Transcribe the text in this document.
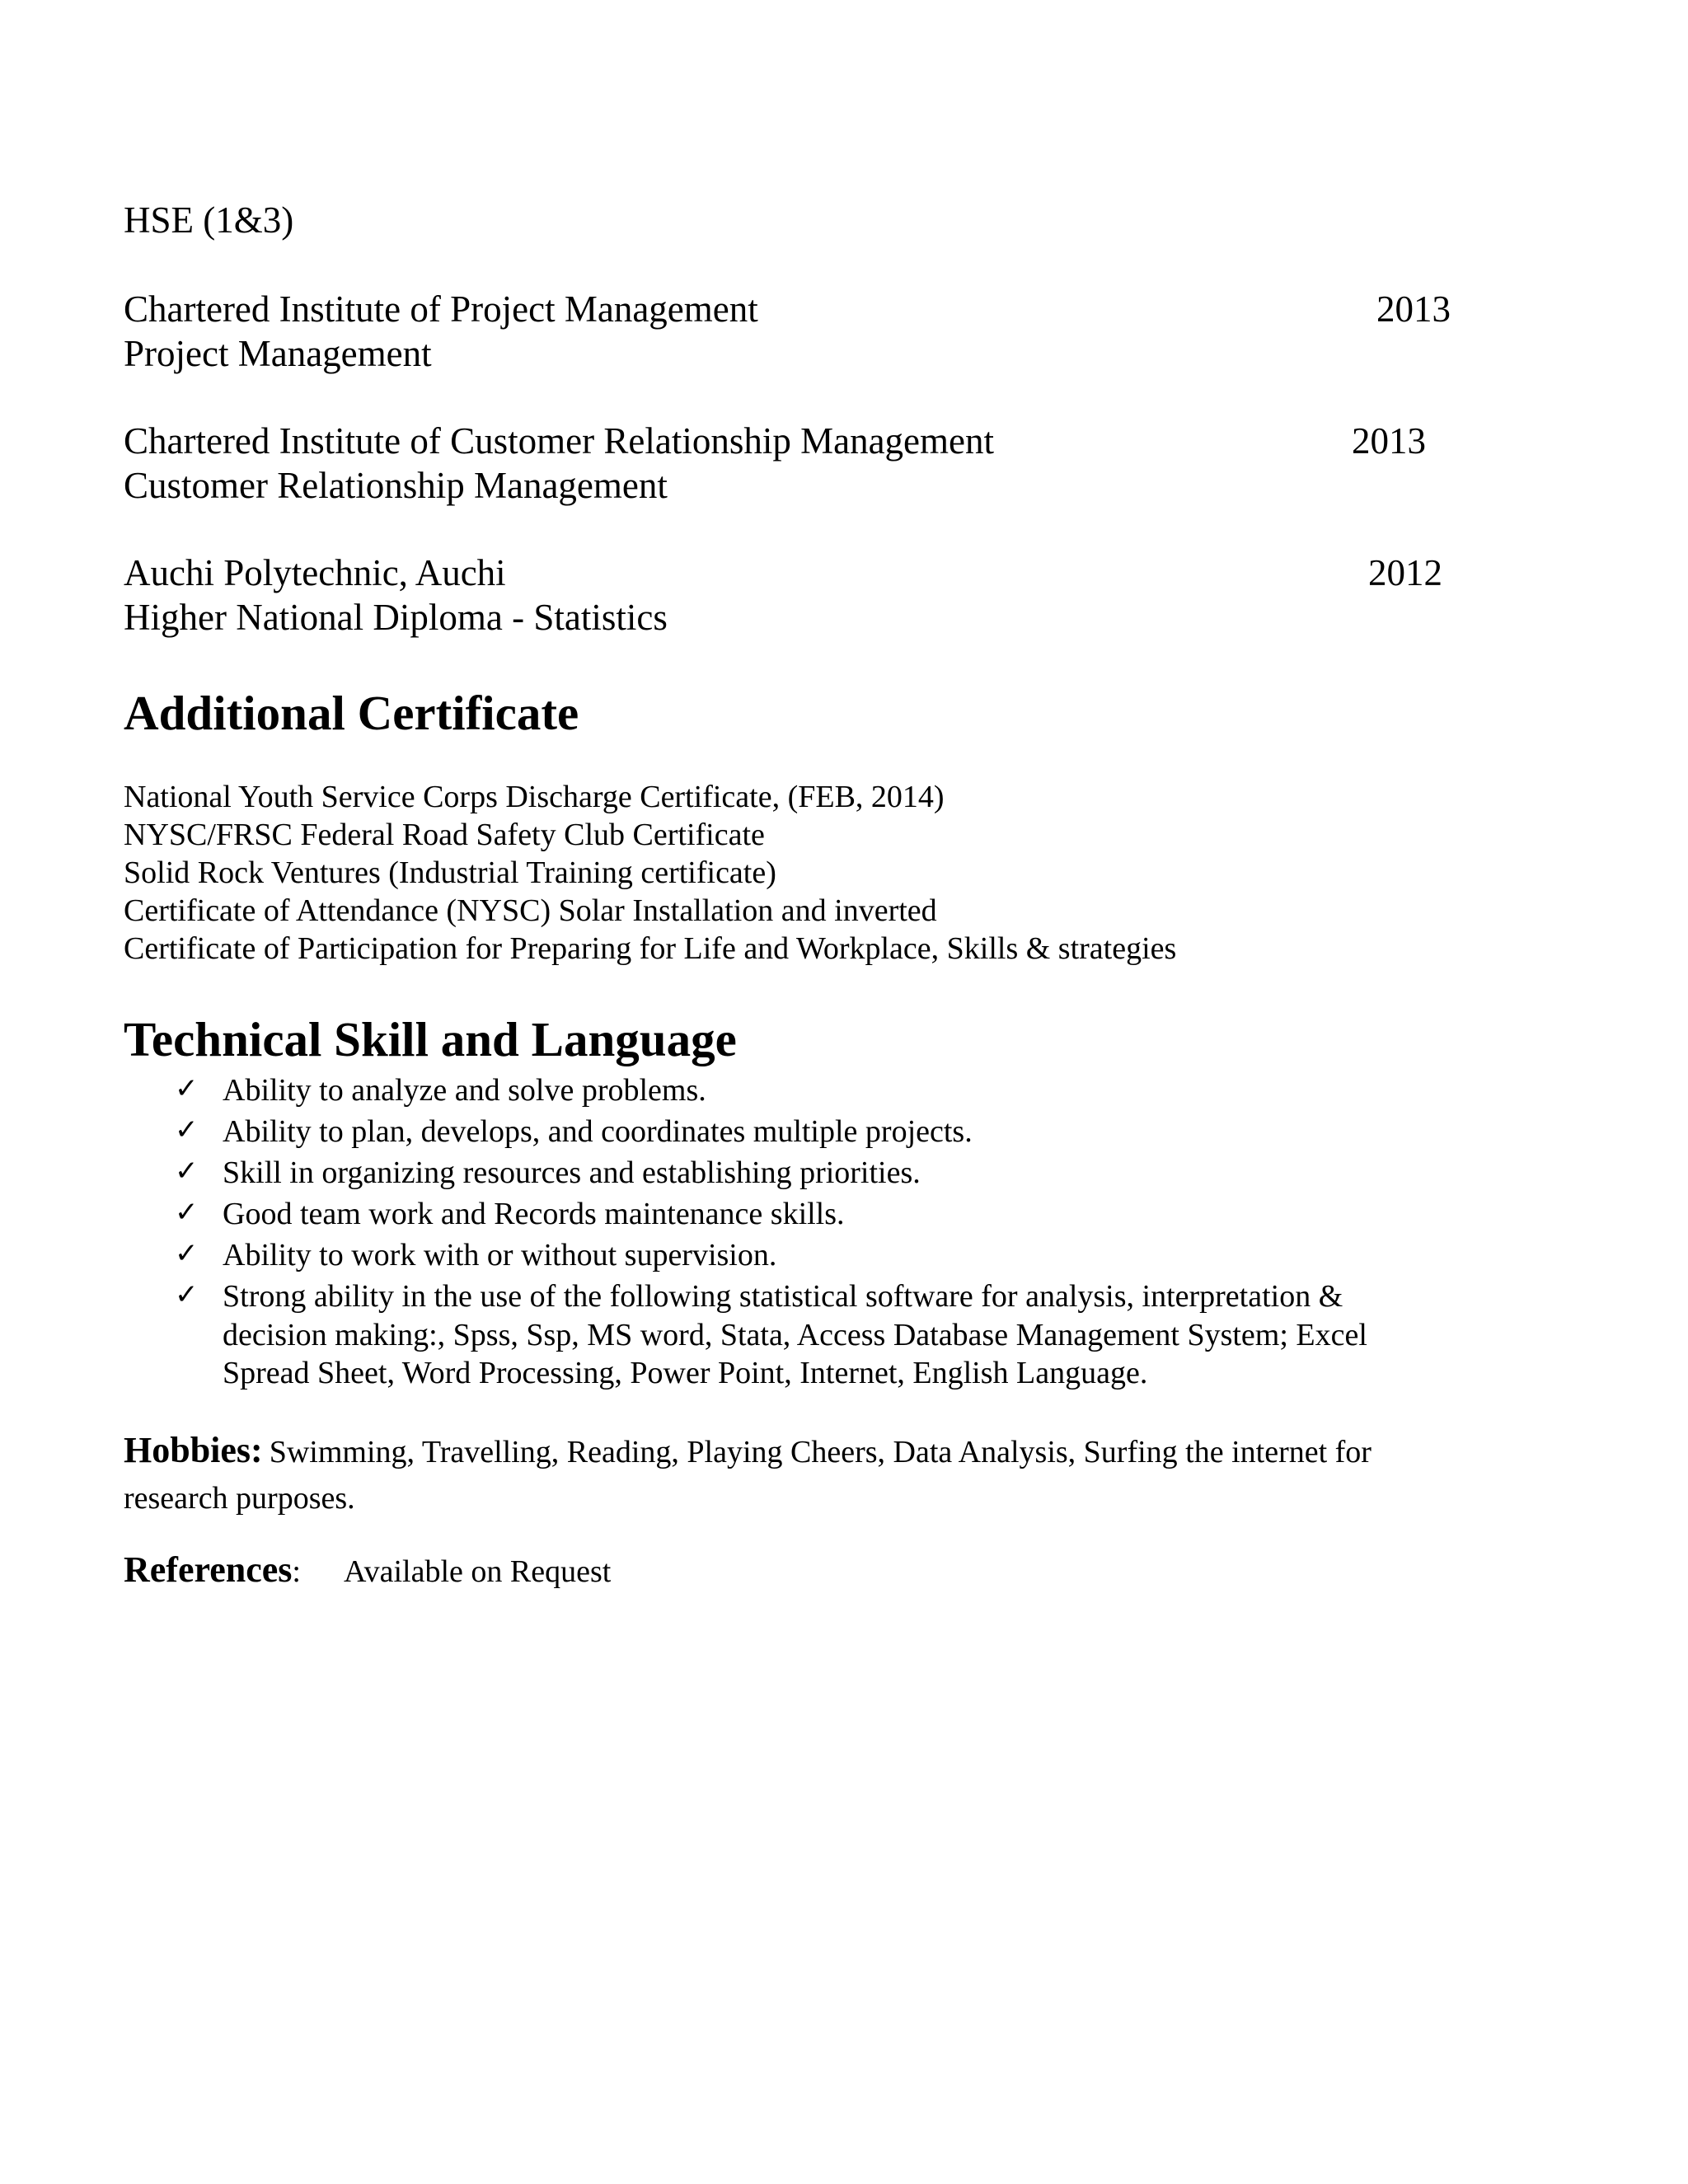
HSE (1&3)
Chartered Institute of Project Management	2013
Project Management
Chartered Institute of Customer Relationship Management	2013
Customer Relationship Management
Auchi Polytechnic, Auchi	2012
Higher National Diploma - Statistics
Additional Certificate
National Youth Service Corps Discharge Certificate, (FEB, 2014)
NYSC/FRSC Federal Road Safety Club Certificate
Solid Rock Ventures (Industrial Training certificate)
Certificate of Attendance (NYSC) Solar Installation and inverted
Certificate of Participation for Preparing for Life and Workplace, Skills & strategies
Technical Skill and Language
✓ Ability to analyze and solve problems.
✓ Ability to plan, develops, and coordinates multiple projects.
✓ Skill in organizing resources and establishing priorities.
✓ Good team work and Records maintenance skills.
✓ Ability to work with or without supervision.
✓ Strong ability in the use of the following statistical software for analysis, interpretation & decision making:, Spss, Ssp, MS word, Stata, Access Database Management System; Excel Spread Sheet, Word Processing, Power Point, Internet, English Language.
Hobbies: Swimming, Travelling, Reading, Playing Cheers, Data Analysis, Surfing the internet for research purposes.
References: Available on Request
